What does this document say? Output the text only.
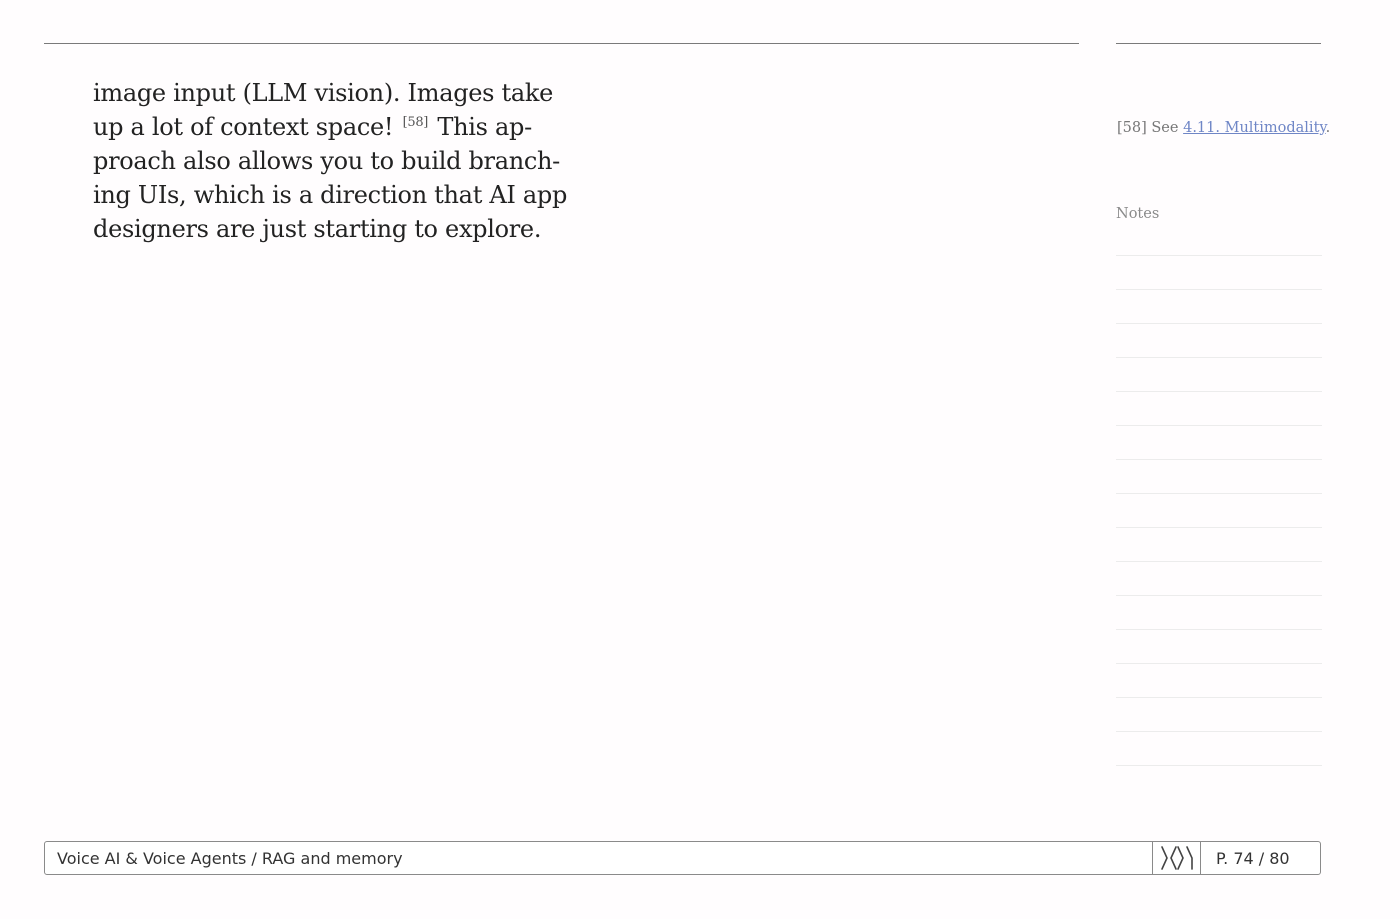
image input (LLM vision). Images take
up a lot of context space! [58] This ap-
proach also allows you to build branch-
ing UIs, which is a direction that AI app
designers are just starting to explore.
[58] See 4.11. Multimodality.
Notes
Voice AI & Voice Agents / RAG and memory	P. 74 / 80
